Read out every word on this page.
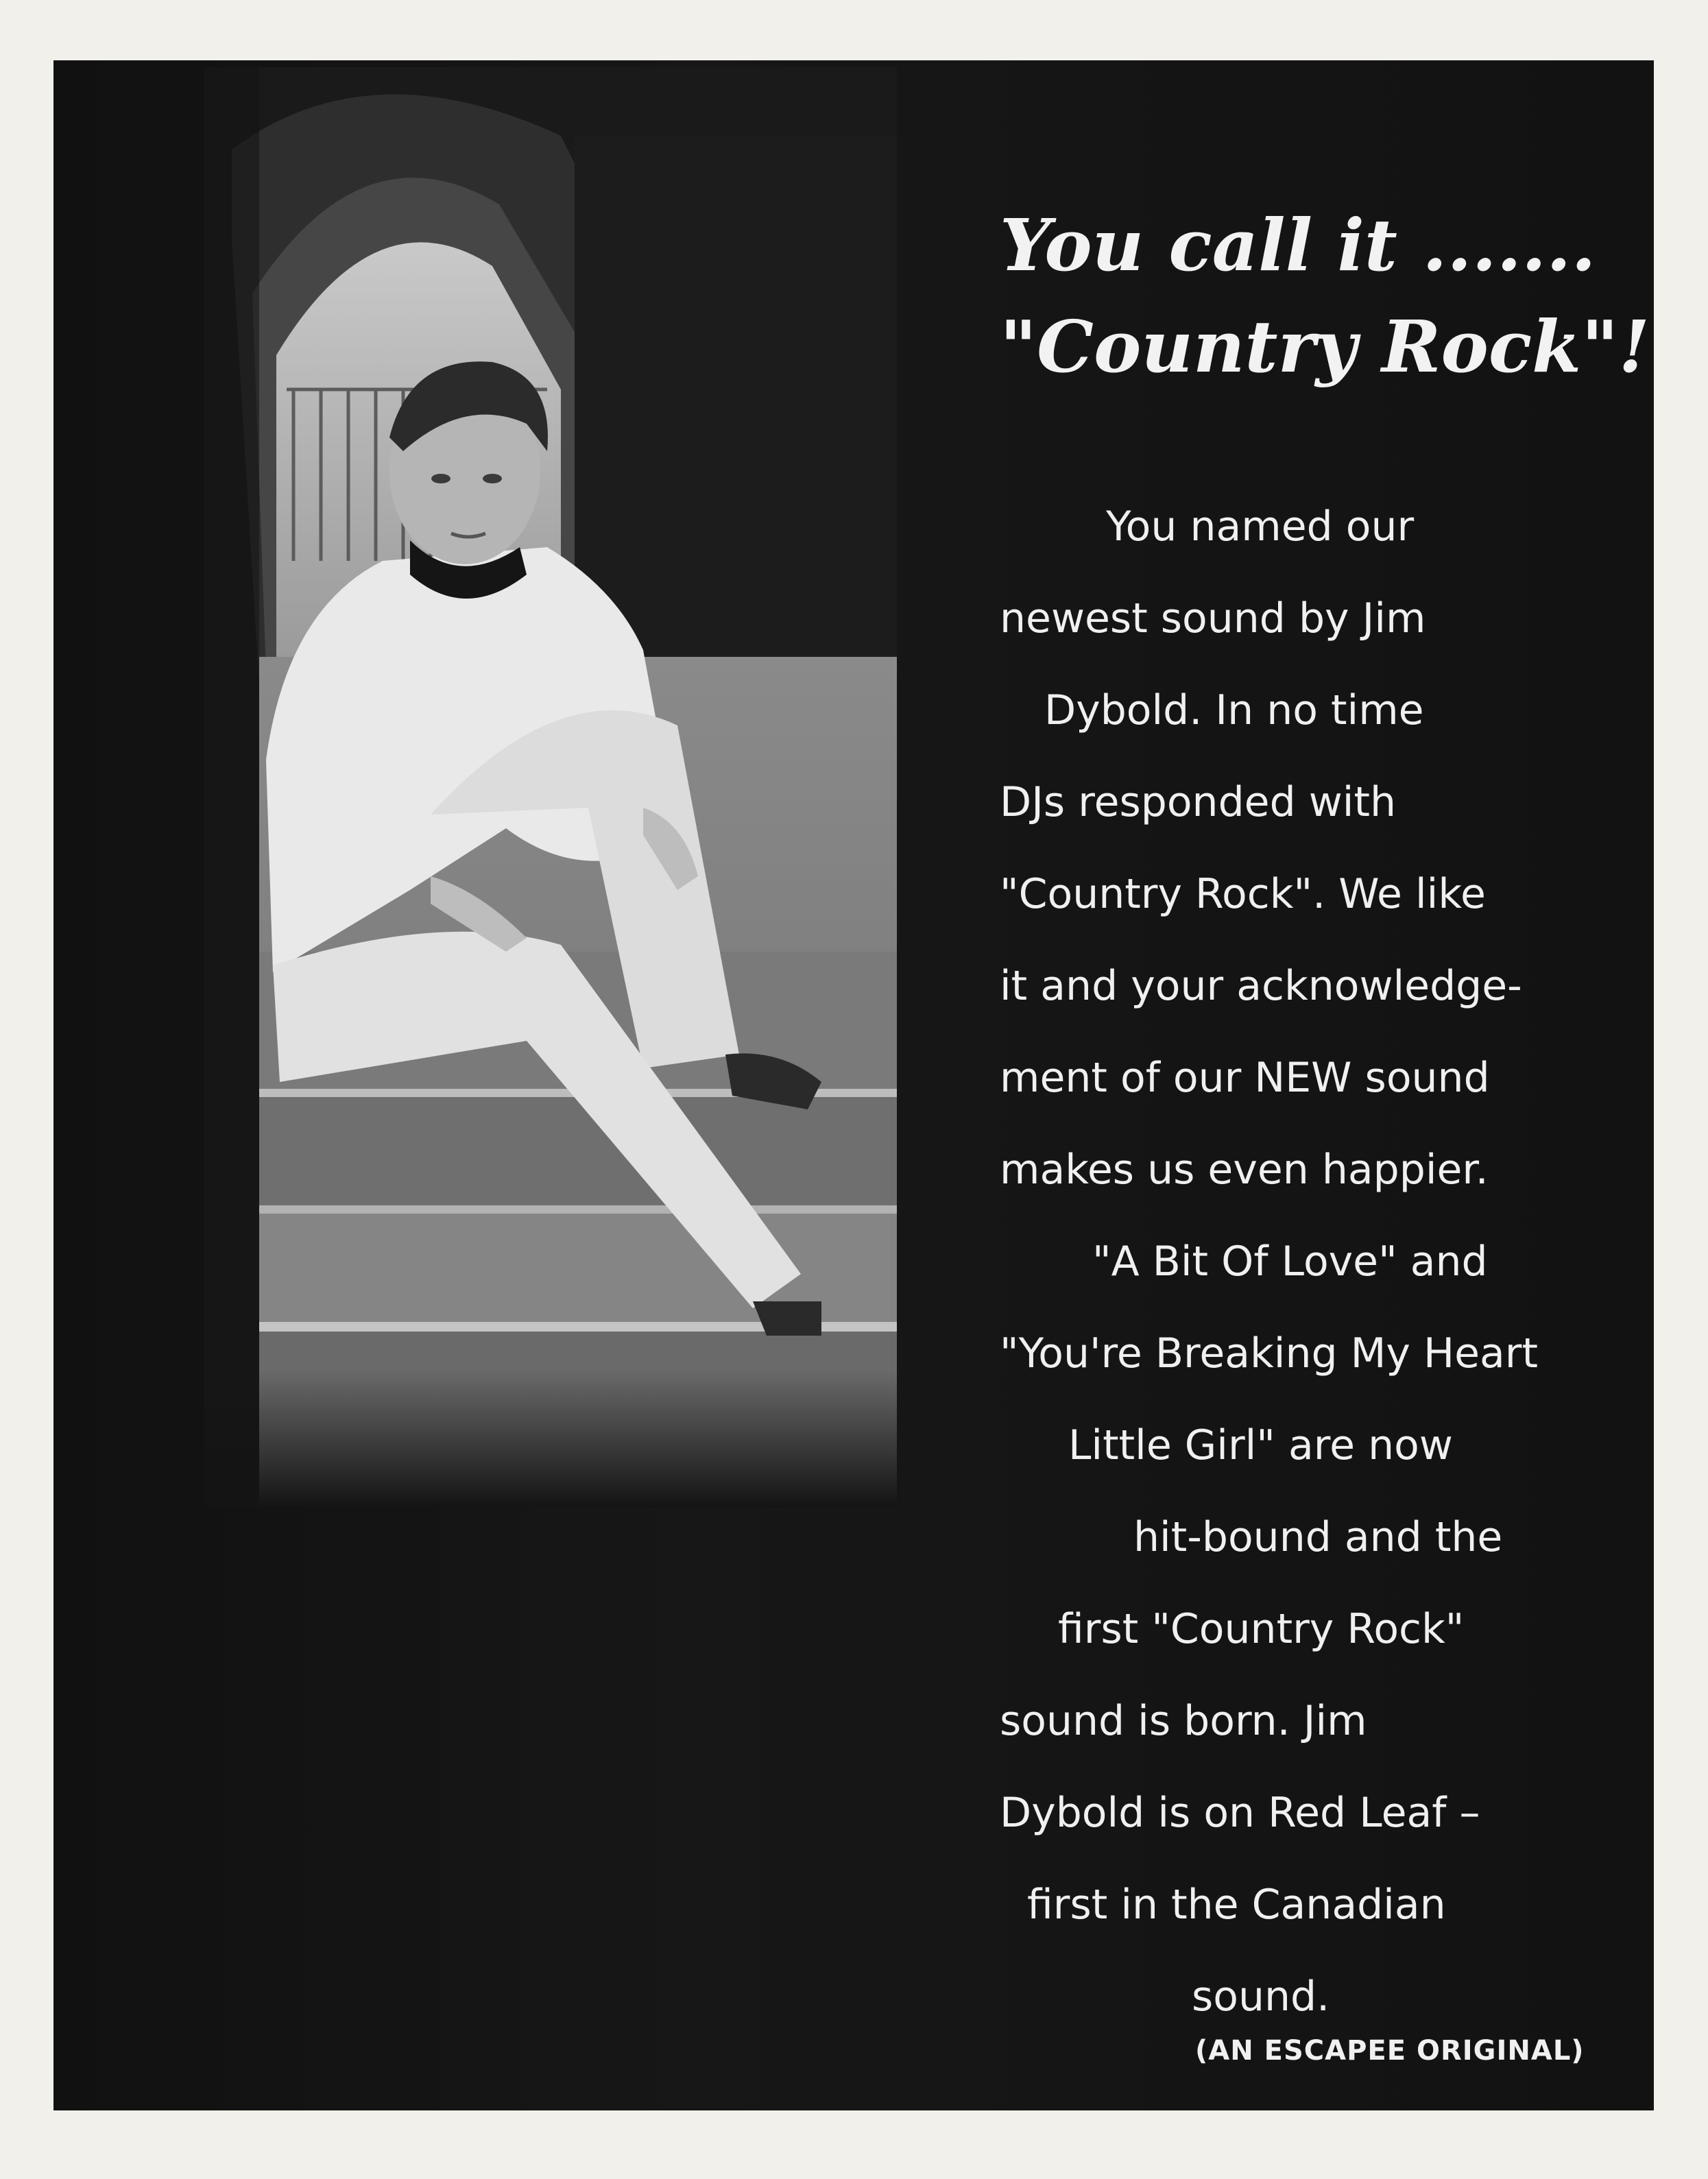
You call it .......
"Country Rock"!
You named our
newest sound by Jim
Dybold. In no time
DJs responded with
"Country Rock". We like
it and your acknowledge-
ment of our NEW sound
makes us even happier.
"A Bit Of Love" and
"You're Breaking My Heart
Little Girl" are now
hit-bound and the
first "Country Rock"
sound is born. Jim
Dybold is on Red Leaf –
first in the Canadian
sound.
(AN ESCAPEE ORIGINAL)
